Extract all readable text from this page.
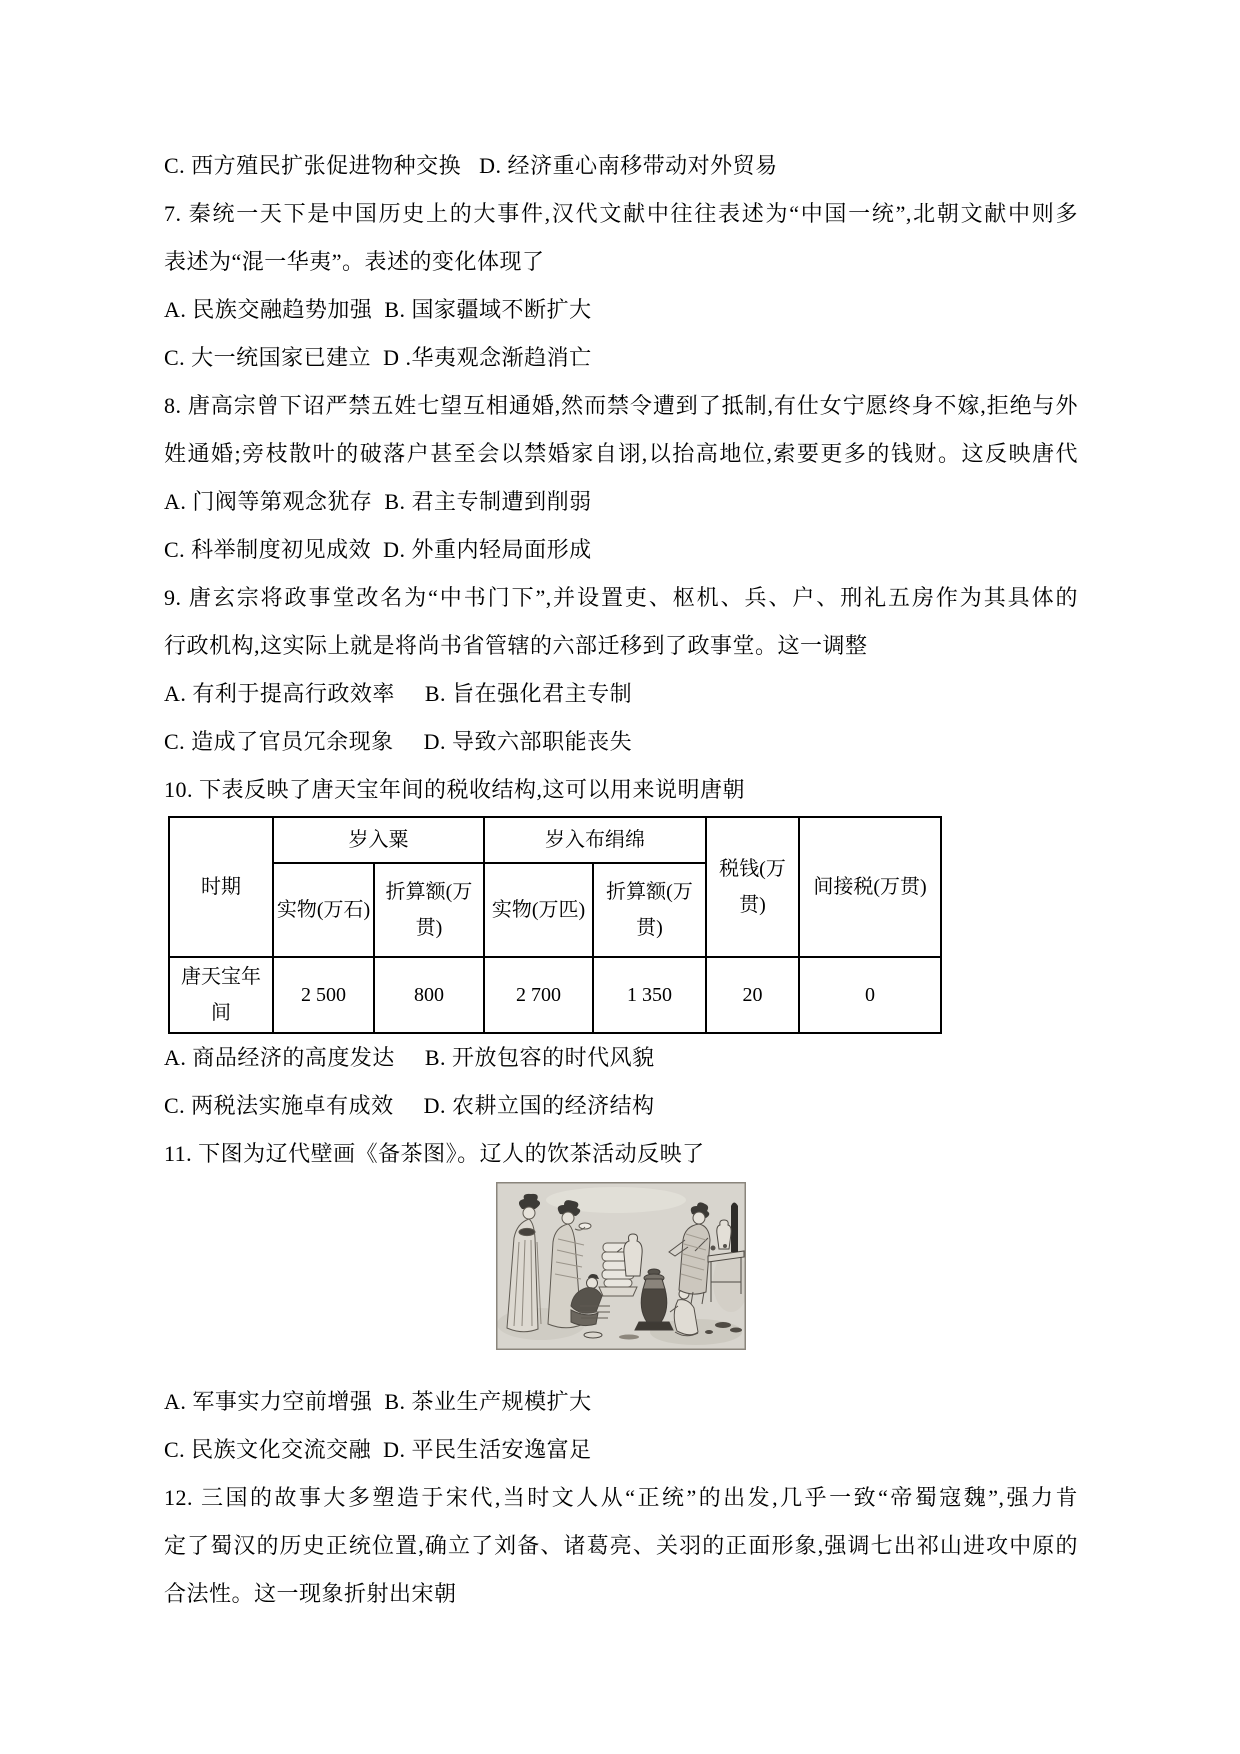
C. 西方殖民扩张促进物种交换   D. 经济重心南移带动对外贸易
7. 秦统一天下是中国历史上的大事件,汉代文献中往往表述为“中国一统”,北朝文献中则多
表述为“混一华夷”。表述的变化体现了
A. 民族交融趋势加强  B. 国家疆域不断扩大
C. 大一统国家已建立  D .华夷观念渐趋消亡
8. 唐高宗曾下诏严禁五姓七望互相通婚,然而禁令遭到了抵制,有仕女宁愿终身不嫁,拒绝与外
姓通婚;旁枝散叶的破落户甚至会以禁婚家自诩,以抬高地位,索要更多的钱财。这反映唐代
A. 门阀等第观念犹存  B. 君主专制遭到削弱
C. 科举制度初见成效  D. 外重内轻局面形成
9. 唐玄宗将政事堂改名为“中书门下”,并设置吏、枢机、兵、户、刑礼五房作为其具体的
行政机构,这实际上就是将尚书省管辖的六部迁移到了政事堂。这一调整
A. 有利于提高行政效率     B. 旨在强化君主专制
C. 造成了官员冗余现象     D. 导致六部职能丧失
10. 下表反映了唐天宝年间的税收结构,这可以用来说明唐朝
时期	岁入粟		岁入布绢绵		税钱(万贯)	间接税(万贯)
	实物(万石)	折算额(万贯)	实物(万匹)	折算额(万贯)		
唐天宝年间	2 500	800	2 700	1 350	20	0
A. 商品经济的高度发达     B. 开放包容的时代风貌
C. 两税法实施卓有成效     D. 农耕立国的经济结构
11. 下图为辽代壁画《备茶图》。辽人的饮茶活动反映了
A. 军事实力空前增强  B. 茶业生产规模扩大
C. 民族文化交流交融  D. 平民生活安逸富足
12. 三国的故事大多塑造于宋代,当时文人从“正统”的出发,几乎一致“帝蜀寇魏”,强力肯
定了蜀汉的历史正统位置,确立了刘备、诸葛亮、关羽的正面形象,强调七出祁山进攻中原的
合法性。这一现象折射出宋朝
